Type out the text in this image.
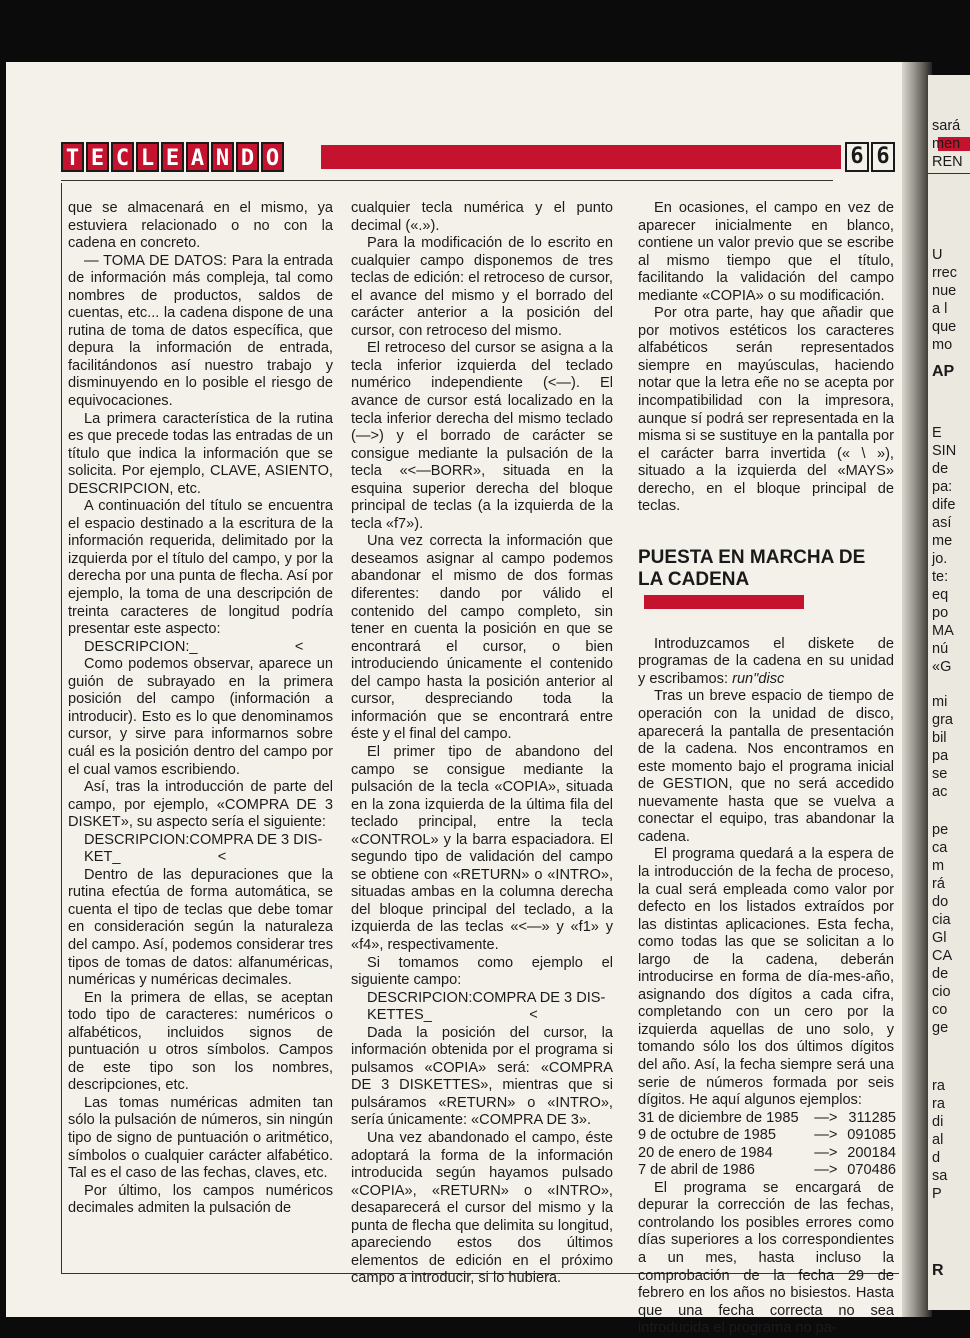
sará
men
REN
U
rrec
nue
a l
que
mo
AP
E
SIN
de
pa:
dife
así
me
jo.
te:
eq
po
MA
nú
«G
mi
gra
bil
pa
se
ac
pe
ca
m
rá
do
cia
Gl
CA
de
cio
co
ge
ra
ra
di
al
d
sa
P
R
T E C L E A N D O	6 6

que se almacenará en el mismo, ya estuviera relacionado o no con la cadena en concreto.

— TOMA DE DATOS: Para la entrada de información más compleja, tal como nombres de productos, saldos de cuentas, etc... la cadena dispone de una rutina de toma de datos específica, que depura la información de entrada, facilitándonos así nuestro trabajo y disminuyendo en lo posible el riesgo de equivocaciones.

La primera característica de la rutina es que precede todas las entradas de un título que indica la información que se solicita. Por ejemplo, CLAVE, ASIENTO, DESCRIPCION, etc.

A continuación del título se encuentra el espacio destinado a la escritura de la información requerida, delimitado por la izquierda por el título del campo, y por la derecha por una punta de flecha. Así por ejemplo, la toma de una descripción de treinta caracteres de longitud podría presentar este aspecto:

DESCRIPCION:_                        <

Como podemos observar, aparece un guión de subrayado en la primera posición del campo (información a introducir). Esto es lo que denominamos cursor, y sirve para informarnos sobre cuál es la posición dentro del campo por el cual vamos escribiendo.

Así, tras la introducción de parte del campo, por ejemplo, «COMPRA DE 3 DISKET», su aspecto sería el siguiente:

DESCRIPCION:COMPRA DE 3 DIS-

KET_                        <

Dentro de las depuraciones que la rutina efectúa de forma automática, se cuenta el tipo de teclas que debe tomar en consideración según la naturaleza del campo. Así, podemos considerar tres tipos de tomas de datos: alfanuméricas, numéricas y numéricas decimales.

En la primera de ellas, se aceptan todo tipo de caracteres: numéricos o alfabéticos, incluidos signos de puntuación u otros símbolos. Campos de este tipo son los nombres, descripciones, etc.

Las tomas numéricas admiten tan sólo la pulsación de números, sin ningún tipo de signo de puntuación o aritmético, símbolos o cualquier carácter alfabético. Tal es el caso de las fechas, claves, etc.

Por último, los campos numéricos decimales admiten la pulsación de

cualquier tecla numérica y el punto decimal («.»).

Para la modificación de lo escrito en cualquier campo disponemos de tres teclas de edición: el retroceso de cursor, el avance del mismo y el borrado del carácter anterior a la posición del cursor, con retroceso del mismo.

El retroceso del cursor se asigna a la tecla inferior izquierda del teclado numérico independiente (<—). El avance de cursor está localizado en la tecla inferior derecha del mismo teclado (—>) y el borrado de carácter se consigue mediante la pulsación de la tecla «<—BORR», situada en la esquina superior derecha del bloque principal de teclas (a la izquierda de la tecla «f7»).

Una vez correcta la información que deseamos asignar al campo podemos abandonar el mismo de dos formas diferentes: dando por válido el contenido del campo completo, sin tener en cuenta la posición en que se encontrará el cursor, o bien introduciendo únicamente el contenido del campo hasta la posición anterior al cursor, despreciando toda la información que se encontrará entre éste y el final del campo.

El primer tipo de abandono del campo se consigue mediante la pulsación de la tecla «COPIA», situada en la zona izquierda de la última fila del teclado principal, entre la tecla «CONTROL» y la barra espaciadora. El segundo tipo de validación del campo se obtiene con «RETURN» o «INTRO», situadas ambas en la columna derecha del bloque principal del teclado, a la izquierda de las teclas «<—» y «f1» y «f4», respectivamente.

Si tomamos como ejemplo el siguiente campo:

DESCRIPCION:COMPRA DE 3 DIS-

KETTES_                        <

Dada la posición del cursor, la información obtenida por el programa si pulsamos «COPIA» será: «COMPRA DE 3 DISKETTES», mientras que si pulsáramos «RETURN» o «INTRO», sería únicamente: «COMPRA DE 3».

Una vez abandonado el campo, éste adoptará la forma de la información introducida según hayamos pulsado «COPIA», «RETURN» o «INTRO», desaparecerá el cursor del mismo y la punta de flecha que delimita su longitud, apareciendo estos dos últimos elementos de edición en el próximo campo a introducir, si lo hubiera.

En ocasiones, el campo en vez de aparecer inicialmente en blanco, contiene un valor previo que se escribe al mismo tiempo que el título, facilitando la validación del campo mediante «COPIA» o su modificación.

Por otra parte, hay que añadir que por motivos estéticos los caracteres alfabéticos serán representados siempre en mayúsculas, haciendo notar que la letra eñe no se acepta por incompatibilidad con la impresora, aunque sí podrá ser representada en la misma si se sustituye en la pantalla por el carácter barra invertida (« \ »), situado a la izquierda del «MAYS» derecho, en el bloque principal de teclas.

PUESTA EN MARCHA DE LA CADENA

Introduzcamos el diskete de programas de la cadena en su unidad y escribamos: run"disc

Tras un breve espacio de tiempo de operación con la unidad de disco, aparecerá la pantalla de presentación de la cadena. Nos encontramos en este momento bajo el programa inicial de GESTION, que no será accedido nuevamente hasta que se vuelva a conectar el equipo, tras abandonar la cadena.

El programa quedará a la espera de la introducción de la fecha de proceso, la cual será empleada como valor por defecto en los listados extraídos por las distintas aplicaciones. Esta fecha, como todas las que se solicitan a lo largo de la cadena, deberán introducirse en forma de día-mes-año, asignando dos dígitos a cada cifra, completando con un cero por la izquierda aquellas de uno solo, y tomando sólo los dos últimos dígitos del año. Así, la fecha siempre será una serie de números formada por seis dígitos. He aquí algunos ejemplos:

31 de diciembre de 1985	—>	311285
9 de octubre de 1985	—>	091085
20 de enero de 1984	—>	200184
7 de abril de 1986	—>	070486

El programa se encargará de depurar la corrección de las fechas, controlando los posibles errores como días superiores a los correspondientes a un mes, hasta incluso la comprobación de la fecha 29 de febrero en los años no bisiestos. Hasta que una fecha correcta no sea introducida el programa no pa-
